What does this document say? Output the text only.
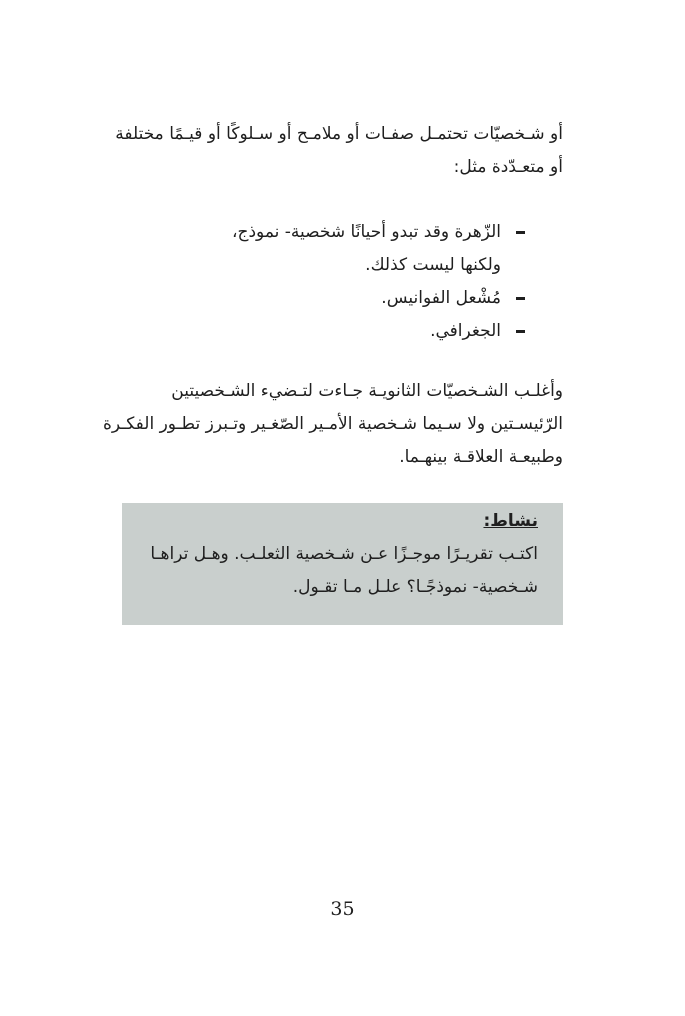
أو شـخصيّات تحتمـل صفـات أو ملامـح أو سـلوكًا أو قيـمًا مختلفة
أو متعـدّدة مثل:
الزّهرة وقد تبدو أحيانًا شخصية- نموذج،
ولكنها ليست كذلك.
مُشْعل الفوانيس.
الجغرافي.
وأغلـب الشـخصيّات الثانويـة جـاءت لتـضيء الشـخصيتين
الرّئيسـتين ولا سـيما شـخصية الأمـير الصّغـير وتـبرز تطـور الفكـرة
وطبيعـة العلاقـة بينهـما.
نشاط:
اكتـب تقريـرًا موجـزًا عـن شـخصية الثعلـب. وهـل تراهـا
شـخصية- نموذجًـا؟ علـل مـا تقـول.
35
